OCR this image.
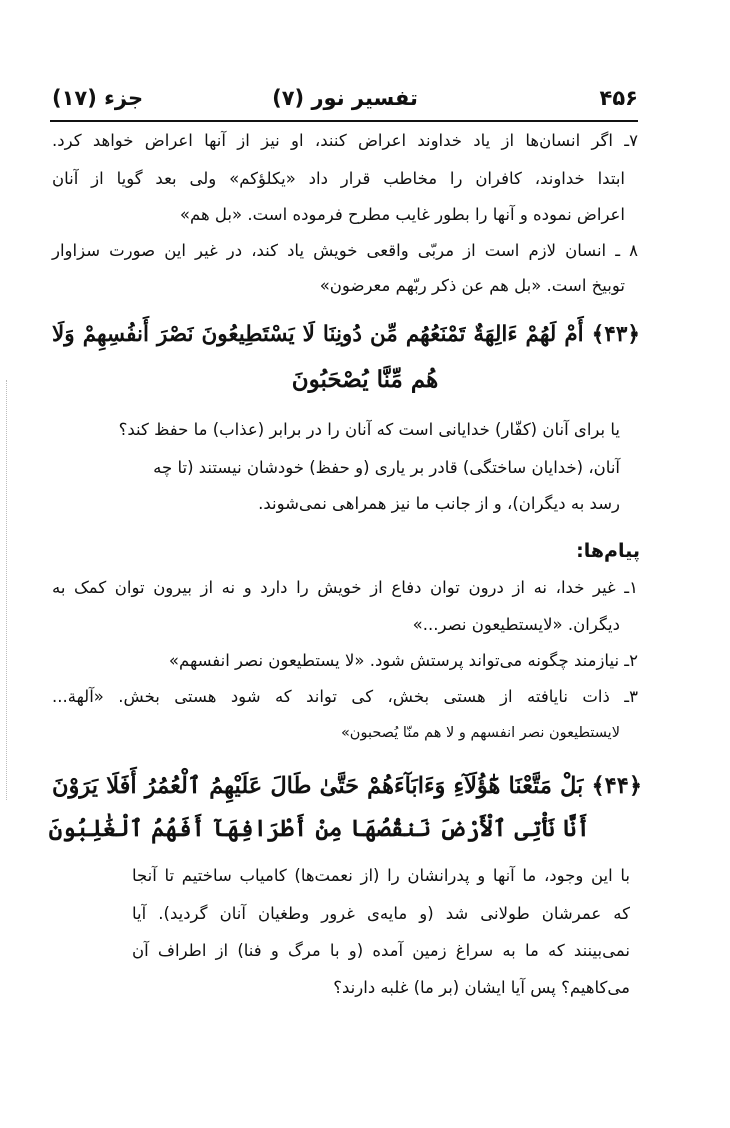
۴۵۶
تفسیر نور (۷)
جزء (۱۷)
۷ـ اگر انسان‌ها از یاد خداوند اعراض کنند، او نیز از آنها اعراض خواهد کرد.
ابتدا خداوند، کافران را مخاطب قرار داد «یکلؤکم» ولی بعد گویا از آنان
اعراض نموده و آنها را بطور غایب مطرح فرموده است. «بل هم»
۸ ـ انسان لازم است از مربّی واقعی خویش یاد کند، در غیر این صورت سزاوار
توبیخ است. «بل هم عن ذکر ربّهم معرضون»
﴿۴۳﴾ أَمْ لَهُمْ ءَالِهَةٌ تَمْنَعُهُم مِّن دُونِنَا لَا يَسْتَطِيعُونَ نَصْرَ أَنفُسِهِمْ وَلَا
هُم مِّنَّا يُصْحَبُونَ
یا برای آنان (کفّار) خدایانی است که آنان را در برابر (عذاب) ما حفظ کند؟
آنان، (خدایان ساختگی) قادر بر یاری (و حفظ) خودشان نیستند (تا چه
رسد به دیگران)، و از جانب ما نیز همراهی نمی‌شوند.
پیام‌ها:
۱ـ غیر خدا، نه از درون توان دفاع از خویش را دارد و نه از بیرون توان کمک به
دیگران. «لایستطیعون نصر...»
۲ـ نیازمند چگونه می‌تواند پرستش شود. «لا یستطیعون نصر انفسهم»
۳ـ ذات نایافته از هستی بخش، کی تواند که شود هستی بخش. «آلهة...
لایستطیعون نصر انفسهم و لا هم منّا یُصحبون»
﴿۴۴﴾ بَلْ مَتَّعْنَا هَٰٓؤُلَآءِ وَءَابَآءَهُمْ حَتَّىٰ طَالَ عَلَيْهِمُ ٱلْعُمُرُ أَفَلَا يَرَوْنَ
أَنَّا نَأْتِى ٱلْأَرْضَ نَنقُصُهَا مِنْ أَطْرَافِهَآ أَفَهُمُ ٱلْغَٰلِبُونَ
با این وجود، ما آنها و پدرانشان را (از نعمت‌ها) کامیاب ساختیم تا آنجا
که عمرشان طولانی شد (و مایه‌ی غرور وطغیان آنان گردید). آیا
نمی‌بینند که ما به سراغ زمین آمده (و با مرگ و فنا) از اطراف آن
می‌کاهیم؟ پس آیا ایشان (بر ما) غلبه دارند؟
